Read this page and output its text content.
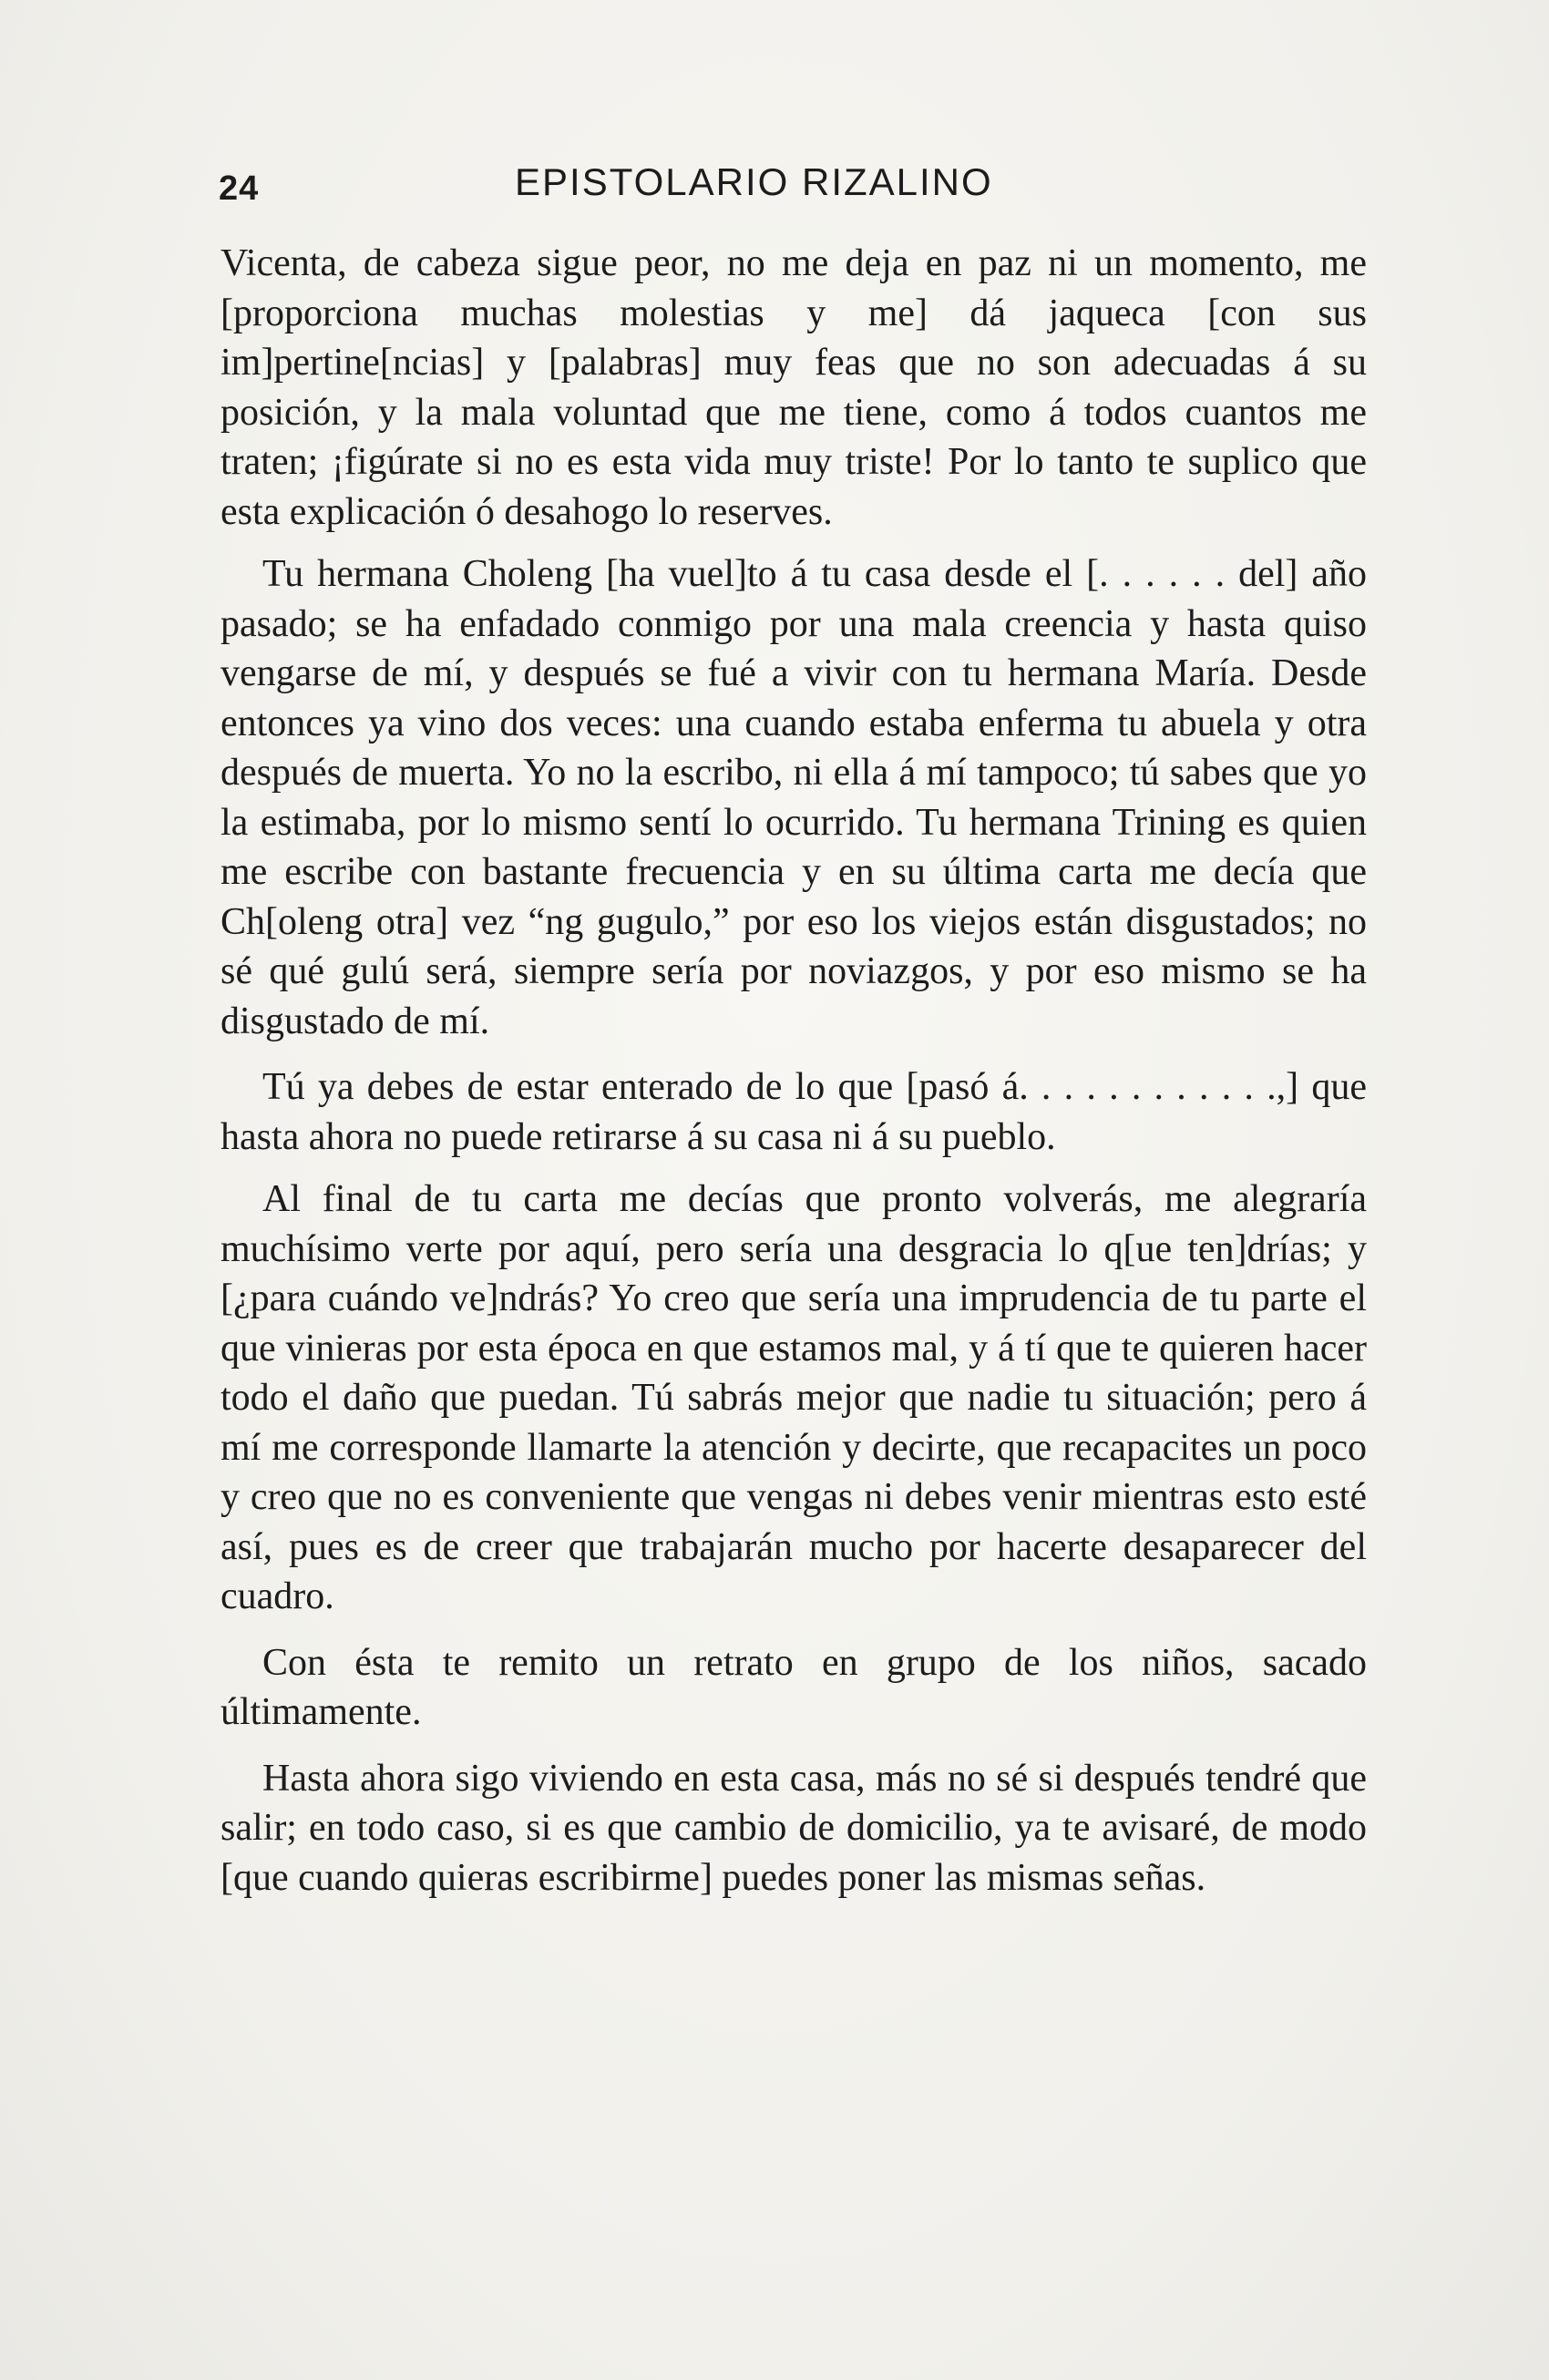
24	EPISTOLARIO RIZALINO

Vicenta, de cabeza sigue peor, no me deja en paz ni un momento, me [proporciona muchas molestias y me] dá jaqueca [con sus im]pertine[ncias] y [palabras] muy feas que no son adecuadas á su posición, y la mala voluntad que me tiene, como á todos cuantos me traten; ¡figúrate si no es esta vida muy triste! Por lo tanto te suplico que esta explicación ó desahogo lo reserves.

Tu hermana Choleng [ha vuel]to á tu casa desde el [. . . . . . del] año pasado; se ha enfadado conmigo por una mala creencia y hasta quiso vengarse de mí, y después se fué a vivir con tu hermana María. Desde entonces ya vino dos veces: una cuando estaba enferma tu abuela y otra después de muerta. Yo no la escribo, ni ella á mí tampoco; tú sabes que yo la estimaba, por lo mismo sentí lo ocurrido. Tu hermana Trining es quien me escribe con bastante frecuencia y en su última carta me decía que Ch[oleng otra] vez “ng gugulo,” por eso los viejos están disgustados; no sé qué gulú será, siempre sería por noviazgos, y por eso mismo se ha disgustado de mí.

Tú ya debes de estar enterado de lo que [pasó á. . . . . . . . . . . .,] que hasta ahora no puede retirarse á su casa ni á su pueblo.

Al final de tu carta me decías que pronto volverás, me alegraría muchísimo verte por aquí, pero sería una desgracia lo q[ue ten]drías; y [¿para cuándo ve]ndrás? Yo creo que sería una imprudencia de tu parte el que vinieras por esta época en que estamos mal, y á tí que te quieren hacer todo el daño que puedan. Tú sabrás mejor que nadie tu situación; pero á mí me corresponde llamarte la atención y decirte, que recapacites un poco y creo que no es conveniente que vengas ni debes venir mientras esto esté así, pues es de creer que trabajarán mucho por hacerte desaparecer del cuadro.

Con ésta te remito un retrato en grupo de los niños, sacado últimamente.

Hasta ahora sigo viviendo en esta casa, más no sé si después tendré que salir; en todo caso, si es que cambio de domicilio, ya te avisaré, de modo [que cuando quieras escribirme] puedes poner las mismas señas.
